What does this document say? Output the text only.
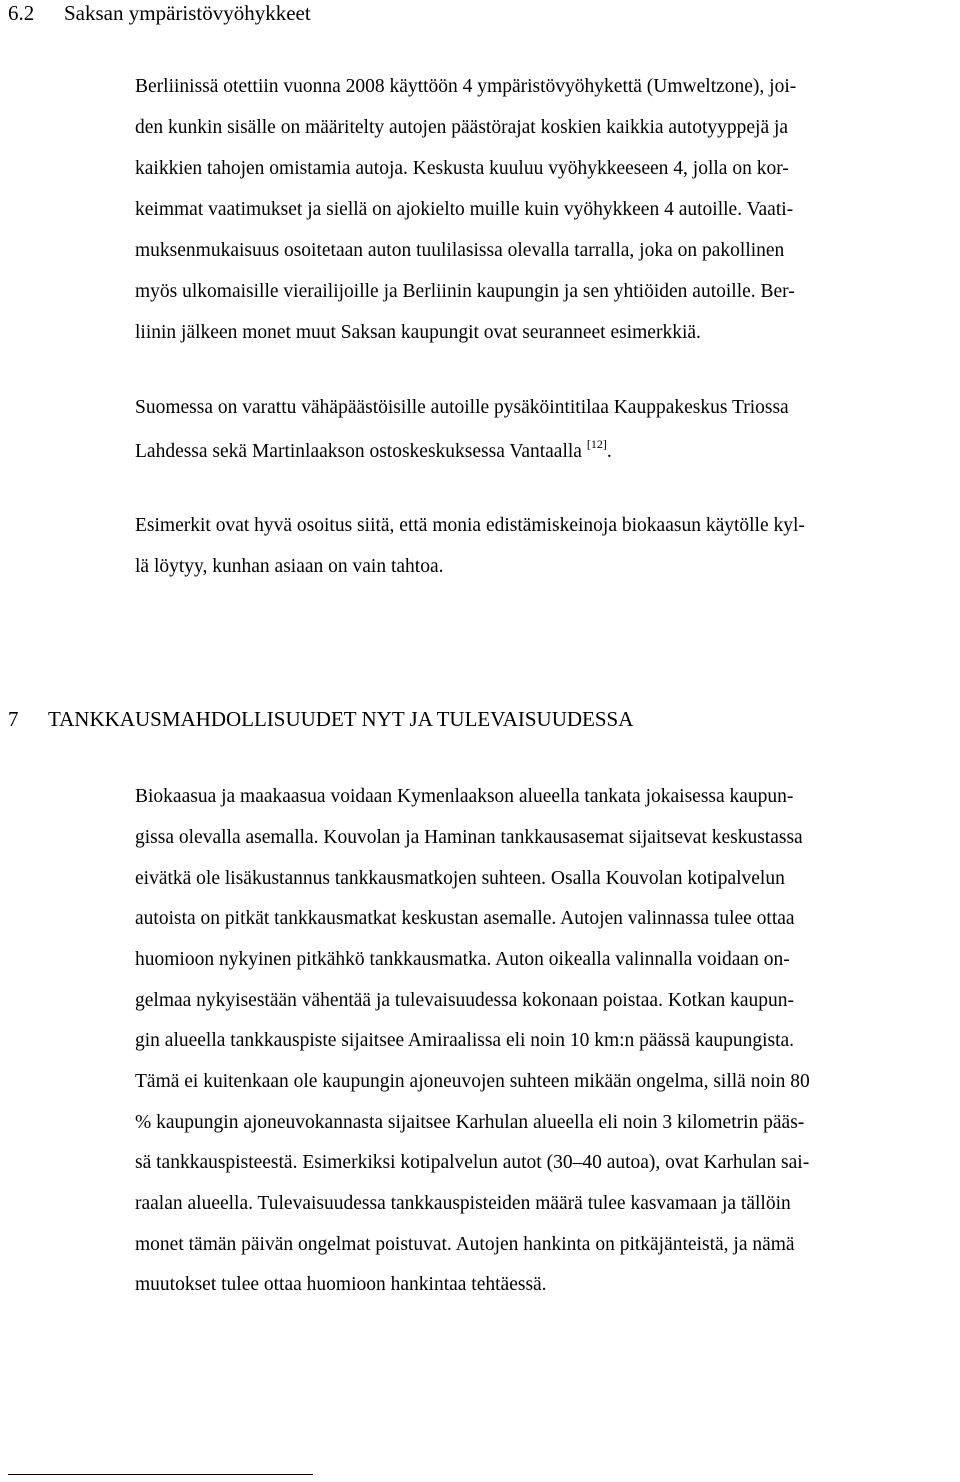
6.2 Saksan ympäristövyöhykkeet
Berliinissä otettiin vuonna 2008 käyttöön 4 ympäristövyöhykettä (Umweltzone), joi-
den kunkin sisälle on määritelty autojen päästörajat koskien kaikkia autotyyppejä ja
kaikkien tahojen omistamia autoja. Keskusta kuuluu vyöhykkeeseen 4, jolla on kor-
keimmat vaatimukset ja siellä on ajokielto muille kuin vyöhykkeen 4 autoille. Vaati-
muksenmukaisuus osoitetaan auton tuulilasissa olevalla tarralla, joka on pakollinen
myös ulkomaisille vierailijoille ja Berliinin kaupungin ja sen yhtiöiden autoille. Ber-
liinin jälkeen monet muut Saksan kaupungit ovat seuranneet esimerkkiä.
Suomessa on varattu vähäpäästöisille autoille pysäköintitilaa Kauppakeskus Triossa
Lahdessa sekä Martinlaakson ostoskeskuksessa Vantaalla [12].
Esimerkit ovat hyvä osoitus siitä, että monia edistämiskeinoja biokaasun käytölle kyl-
lä löytyy, kunhan asiaan on vain tahtoa.
7 TANKKAUSMAHDOLLISUUDET NYT JA TULEVAISUUDESSA
Biokaasua ja maakaasua voidaan Kymenlaakson alueella tankata jokaisessa kaupun-
gissa olevalla asemalla. Kouvolan ja Haminan tankkausasemat sijaitsevat keskustassa
eivätkä ole lisäkustannus tankkausmatkojen suhteen. Osalla Kouvolan kotipalvelun
autoista on pitkät tankkausmatkat keskustan asemalle. Autojen valinnassa tulee ottaa
huomioon nykyinen pitkähkö tankkausmatka. Auton oikealla valinnalla voidaan on-
gelmaa nykyisestään vähentää ja tulevaisuudessa kokonaan poistaa. Kotkan kaupun-
gin alueella tankkauspiste sijaitsee Amiraalissa eli noin 10 km:n päässä kaupungista.
Tämä ei kuitenkaan ole kaupungin ajoneuvojen suhteen mikään ongelma, sillä noin 80
% kaupungin ajoneuvokannasta sijaitsee Karhulan alueella eli noin 3 kilometrin pääs-
sä tankkauspisteestä. Esimerkiksi kotipalvelun autot (30–40 autoa), ovat Karhulan sai-
raalan alueella. Tulevaisuudessa tankkauspisteiden määrä tulee kasvamaan ja tällöin
monet tämän päivän ongelmat poistuvat. Autojen hankinta on pitkäjänteistä, ja nämä
muutokset tulee ottaa huomioon hankintaa tehtäessä.
